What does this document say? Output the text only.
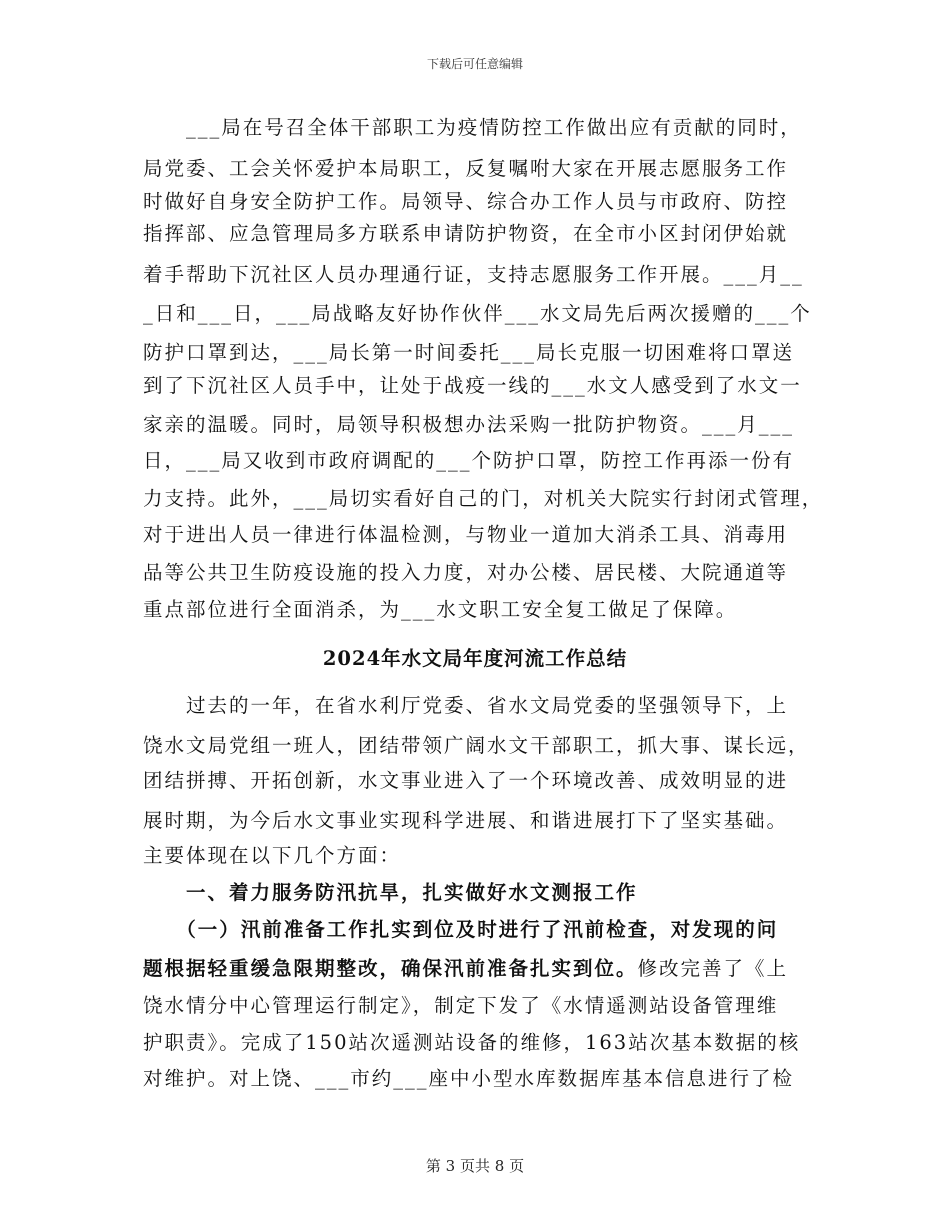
下载后可任意编辑
　　___局在号召全体干部职工为疫情防控工作做出应有贡献的同时，
局党委、工会关怀爱护本局职工，反复嘱咐大家在开展志愿服务工作
时做好自身安全防护工作。局领导、综合办工作人员与市政府、防控
指挥部、应急管理局多方联系申请防护物资，在全市小区封闭伊始就
着手帮助下沉社区人员办理通行证，支持志愿服务工作开展。___月__
_日和___日，___局战略友好协作伙伴___水文局先后两次援赠的___个
防护口罩到达，___局长第一时间委托___局长克服一切困难将口罩送
到了下沉社区人员手中，让处于战疫一线的___水文人感受到了水文一
家亲的温暖。同时，局领导积极想办法采购一批防护物资。___月___
日，___局又收到市政府调配的___个防护口罩，防控工作再添一份有
力支持。此外，___局切实看好自己的门，对机关大院实行封闭式管理，
对于进出人员一律进行体温检测，与物业一道加大消杀工具、消毒用
品等公共卫生防疫设施的投入力度，对办公楼、居民楼、大院通道等
重点部位进行全面消杀，为___水文职工安全复工做足了保障。
2024年水文局年度河流工作总结
　　过去的一年，在省水利厅党委、省水文局党委的坚强领导下，上
饶水文局党组一班人，团结带领广阔水文干部职工，抓大事、谋长远，
团结拼搏、开拓创新，水文事业进入了一个环境改善、成效明显的进
展时期，为今后水文事业实现科学进展、和谐进展打下了坚实基础。
主要体现在以下几个方面：
　　一、着力服务防汛抗旱，扎实做好水文测报工作
　　（一）汛前准备工作扎实到位及时进行了汛前检查，对发现的问
题根据轻重缓急限期整改，确保汛前准备扎实到位。修改完善了《上
饶水情分中心管理运行制定》，制定下发了《水情遥测站设备管理维
护职责》。完成了150站次遥测站设备的维修，163站次基本数据的核
对维护。对上饶、___市约___座中小型水库数据库基本信息进行了检
第 3 页共 8 页
